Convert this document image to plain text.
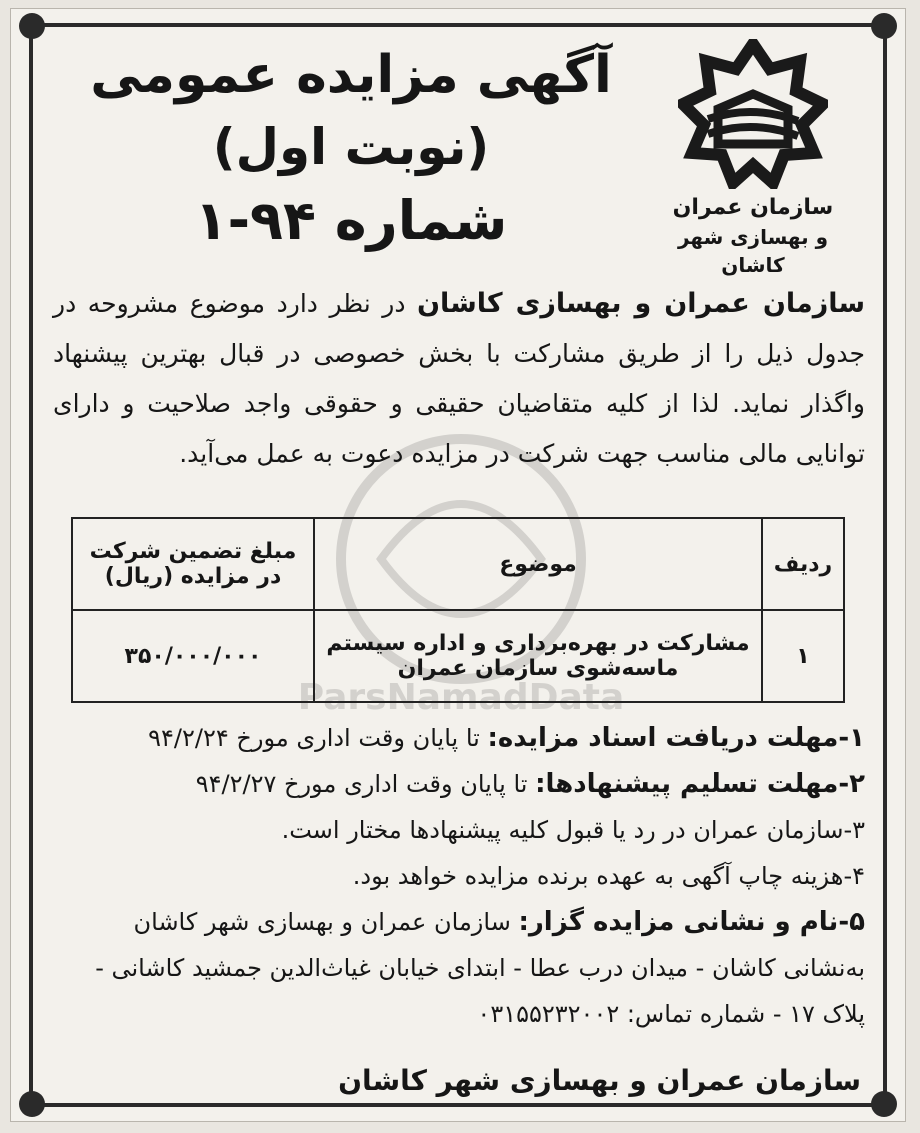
ParsNamadData
سازمان عمران
و بهسازی شهر کاشان
آگهی مزایده عمومی
(نوبت اول)
شماره ۹۴-۱
سازمان عمران و بهسازی کاشان در نظر دارد موضوع مشروحه در جدول ذیل را از طریق مشارکت با بخش خصوصی در قبال بهترین پیشنهاد واگذار نماید. لذا از کلیه متقاضیان حقیقی و حقوقی واجد صلاحیت و دارای توانایی مالی مناسب جهت شرکت در مزایده دعوت به عمل می‌آید.
ردیف	موضوع	مبلغ تضمین شرکت در مزایده (ریال)
۱	مشارکت در بهره‌برداری و اداره سیستم ماسه‌شوی سازمان عمران	۳۵۰/۰۰۰/۰۰۰
۱-مهلت دریافت اسناد مزایده: تا پایان وقت اداری مورخ ۹۴/۲/۲۴
۲-مهلت تسلیم پیشنهادها: تا پایان وقت اداری مورخ ۹۴/۲/۲۷
۳-سازمان عمران در رد یا قبول کلیه پیشنهادها مختار است.
۴-هزینه چاپ آگهی به عهده برنده مزایده خواهد بود.
۵-نام و نشانی مزایده گزار: سازمان عمران و بهسازی شهر کاشان به‌نشانی کاشان - میدان درب عطا - ابتدای خیابان غیاث‌الدین جمشید کاشانی - پلاک ۱۷ - شماره تماس: ۰۳۱۵۵۲۳۲۰۰۲
سازمان عمران و بهسازی شهر کاشان
